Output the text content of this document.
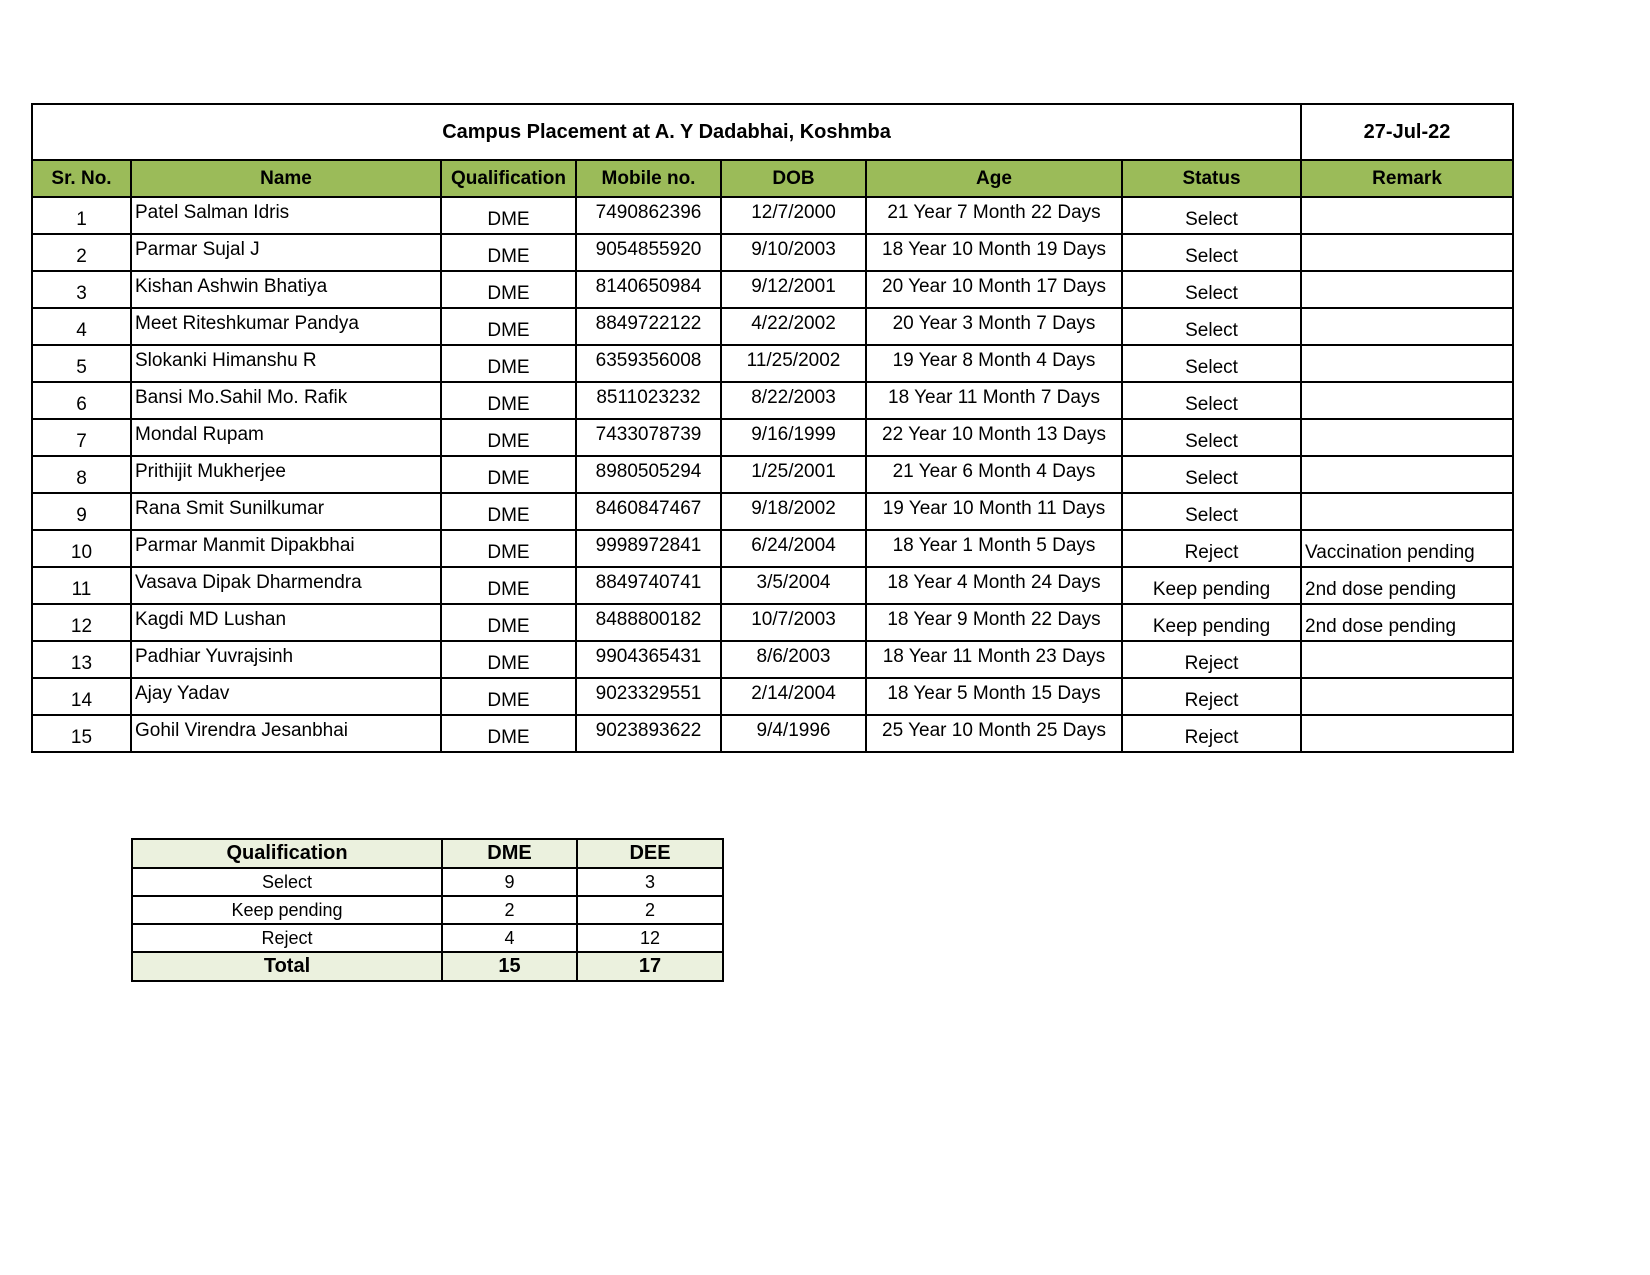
Campus Placement at A. Y Dadabhai, Koshmba							27-Jul-22
Sr. No.	Name	Qualification	Mobile no.	DOB	Age	Status	Remark
1	Patel Salman Idris	DME	7490862396	12/7/2000	21 Year 7 Month 22 Days	Select	
2	Parmar Sujal J	DME	9054855920	9/10/2003	18 Year 10 Month 19 Days	Select	
3	Kishan Ashwin Bhatiya	DME	8140650984	9/12/2001	20 Year 10 Month 17 Days	Select	
4	Meet Riteshkumar Pandya	DME	8849722122	4/22/2002	20 Year 3 Month 7 Days	Select	
5	Slokanki Himanshu R	DME	6359356008	11/25/2002	19 Year 8 Month 4 Days	Select	
6	Bansi Mo.Sahil Mo. Rafik	DME	8511023232	8/22/2003	18 Year 11 Month 7 Days	Select	
7	Mondal Rupam	DME	7433078739	9/16/1999	22 Year 10 Month 13 Days	Select	
8	Prithijit Mukherjee	DME	8980505294	1/25/2001	21 Year 6 Month 4 Days	Select	
9	Rana Smit Sunilkumar	DME	8460847467	9/18/2002	19 Year 10 Month 11 Days	Select	
10	Parmar Manmit Dipakbhai	DME	9998972841	6/24/2004	18 Year 1 Month 5 Days	Reject	Vaccination pending
11	Vasava Dipak Dharmendra	DME	8849740741	3/5/2004	18 Year 4 Month 24 Days	Keep pending	2nd dose pending
12	Kagdi MD Lushan	DME	8488800182	10/7/2003	18 Year 9 Month 22 Days	Keep pending	2nd dose pending
13	Padhiar Yuvrajsinh	DME	9904365431	8/6/2003	18 Year 11 Month 23 Days	Reject	
14	Ajay Yadav	DME	9023329551	2/14/2004	18 Year 5 Month 15 Days	Reject	
15	Gohil Virendra Jesanbhai	DME	9023893622	9/4/1996	25 Year 10 Month 25 Days	Reject	
Qualification	DME	DEE
Select	9	3
Keep pending	2	2
Reject	4	12
Total	15	17
